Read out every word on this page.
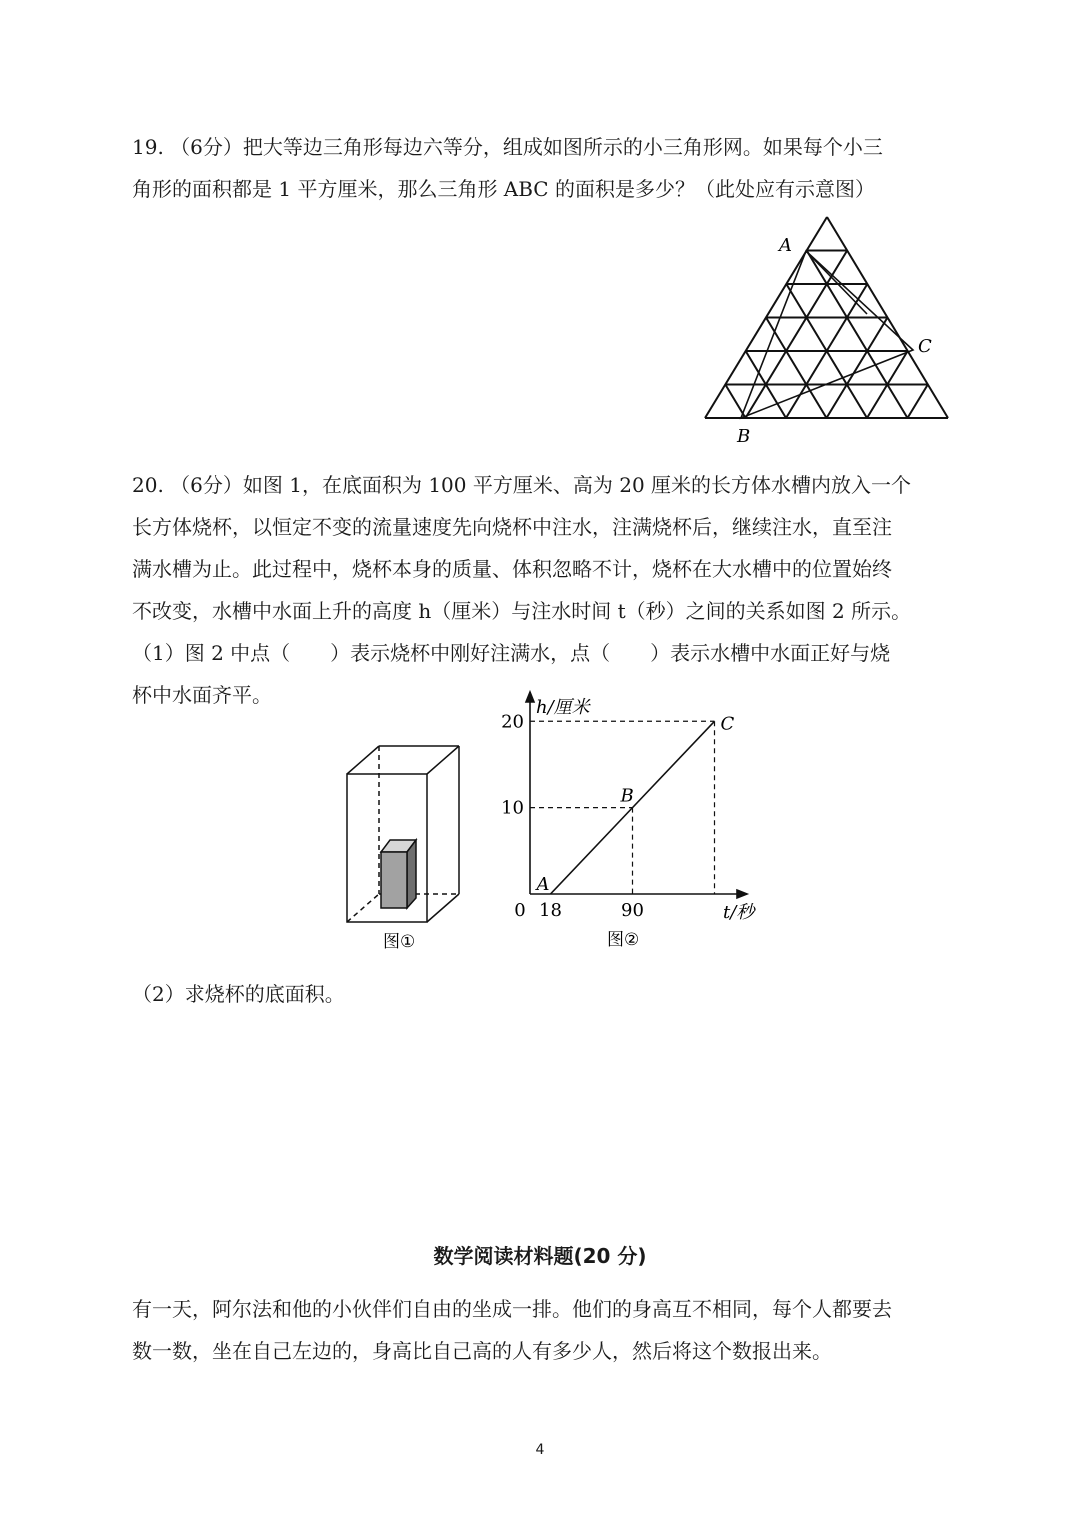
19. （6分）把大等边三角形每边六等分，组成如图所示的小三角形网。如果每个小三
角形的面积都是 1 平方厘米，那么三角形 ABC 的面积是多少？（此处应有示意图）
A
B
C
20. （6分）如图 1，在底面积为 100 平方厘米、高为 20 厘米的长方体水槽内放入一个
长方体烧杯，以恒定不变的流量速度先向烧杯中注水，注满烧杯后，继续注水，直至注
满水槽为止。此过程中，烧杯本身的质量、体积忽略不计，烧杯在大水槽中的位置始终
不改变，水槽中水面上升的高度 h（厘米）与注水时间 t（秒）之间的关系如图 2 所示。
（1）图 2 中点（　　）表示烧杯中刚好注满水，点（　　）表示水槽中水面正好与烧
杯中水面齐平。
图①
0 18	90
10
20
A
B
C
h/厘米
t/秒
图②
（2）求烧杯的底面积。
数学阅读材料题(20 分)
有一天，阿尔法和他的小伙伴们自由的坐成一排。他们的身高互不相同，每个人都要去
数一数，坐在自己左边的，身高比自己高的人有多少人，然后将这个数报出来。
4
